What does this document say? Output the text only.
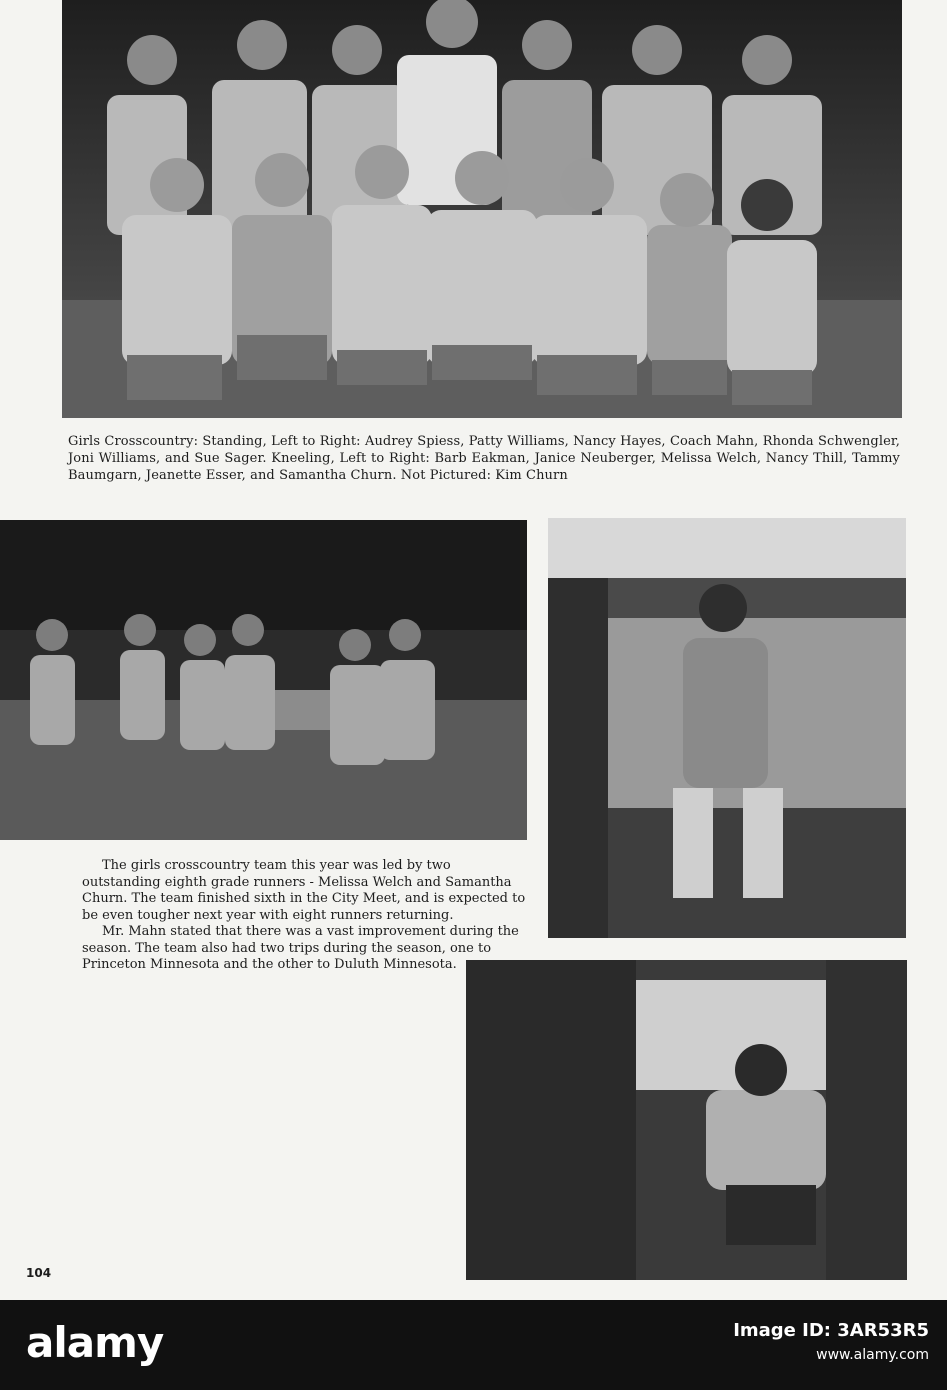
Girls Crosscountry: Standing, Left to Right: Audrey Spiess, Patty Williams, Nancy Hayes, Coach Mahn, Rhonda Schwengler, Joni Williams, and Sue Sager. Kneeling, Left to Right: Barb Eakman, Janice Neuberger, Melissa Welch, Nancy Thill, Tammy Baumgarn, Jeanette Esser, and Samantha Churn. Not Pictured: Kim Churn

The girls crosscountry team this year was led by two outstanding eighth grade runners - Melissa Welch and Samantha Churn. The team finished sixth in the City Meet, and is expected to be even tougher next year with eight runners returning.

Mr. Mahn stated that there was a vast improvement during the season. The team also had two trips during the season, one to Princeton Minnesota and the other to Duluth Minnesota.

104
alamy	Image ID: 3AR53R5
www.alamy.com
